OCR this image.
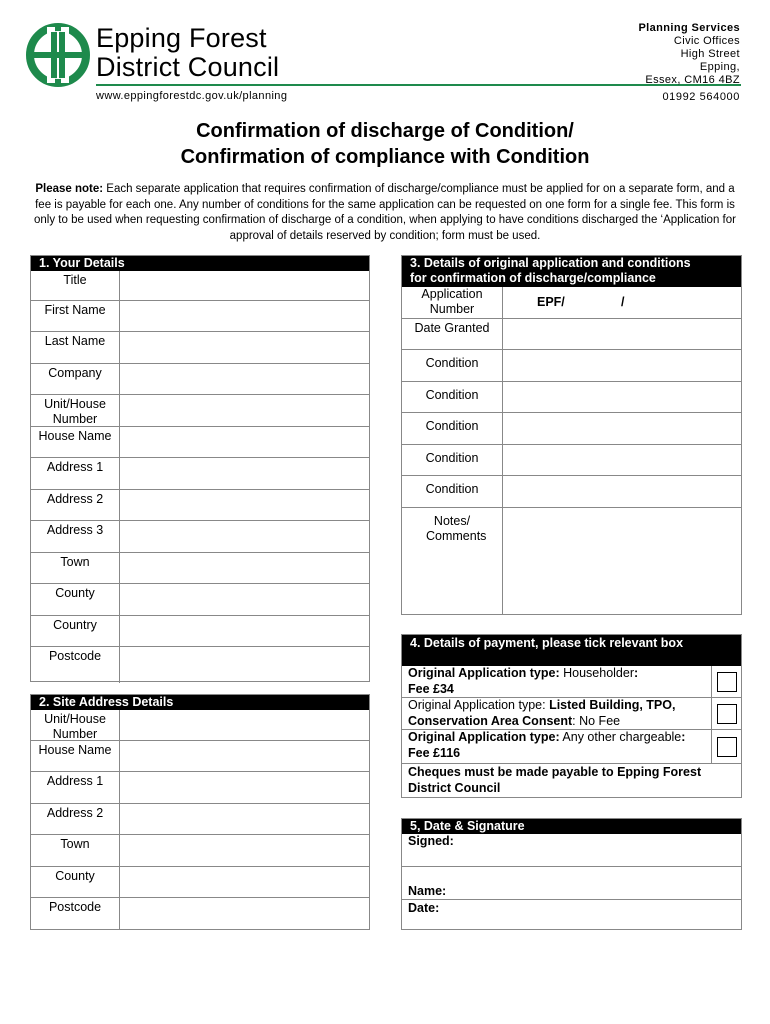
Epping Forest
District Council
www.eppingforestdc.gov.uk/planning
Planning Services
Civic Offices
High Street
Epping,
Essex, CM16 4BZ
01992 564000
Confirmation of discharge of Condition/
Confirmation of compliance with Condition
Please note: Each separate application that requires confirmation of discharge/compliance must be applied for on a separate form, and a fee is payable for each one. Any number of conditions for the same application can be requested on one form for a single fee. This form is only to be used when requesting confirmation of discharge of a condition, when applying to have conditions discharged the ‘Application for approval of details reserved by condition; form must be used.
1. Your Details
Title
First Name
Last Name
Company
Unit/House Number
House Name
Address 1
Address 2
Address 3
Town
County
Country
Postcode
2. Site Address Details
Unit/House Number
House Name
Address 1
Address 2
Town
County
Postcode
3. Details of original application and conditions
for confirmation of discharge/compliance
Application Number	EPF/	/
Date Granted
Condition
Condition
Condition
Condition
Condition
Notes/ Comments
4. Details of payment, please tick relevant box
Original Application type: Householder:
Fee £34
Original Application type: Listed Building, TPO, Conservation Area Consent: No Fee
Original Application type: Any other chargeable: Fee £116
Cheques must be made payable to Epping Forest District Council
5, Date & Signature
Signed:
Name:
Date:
